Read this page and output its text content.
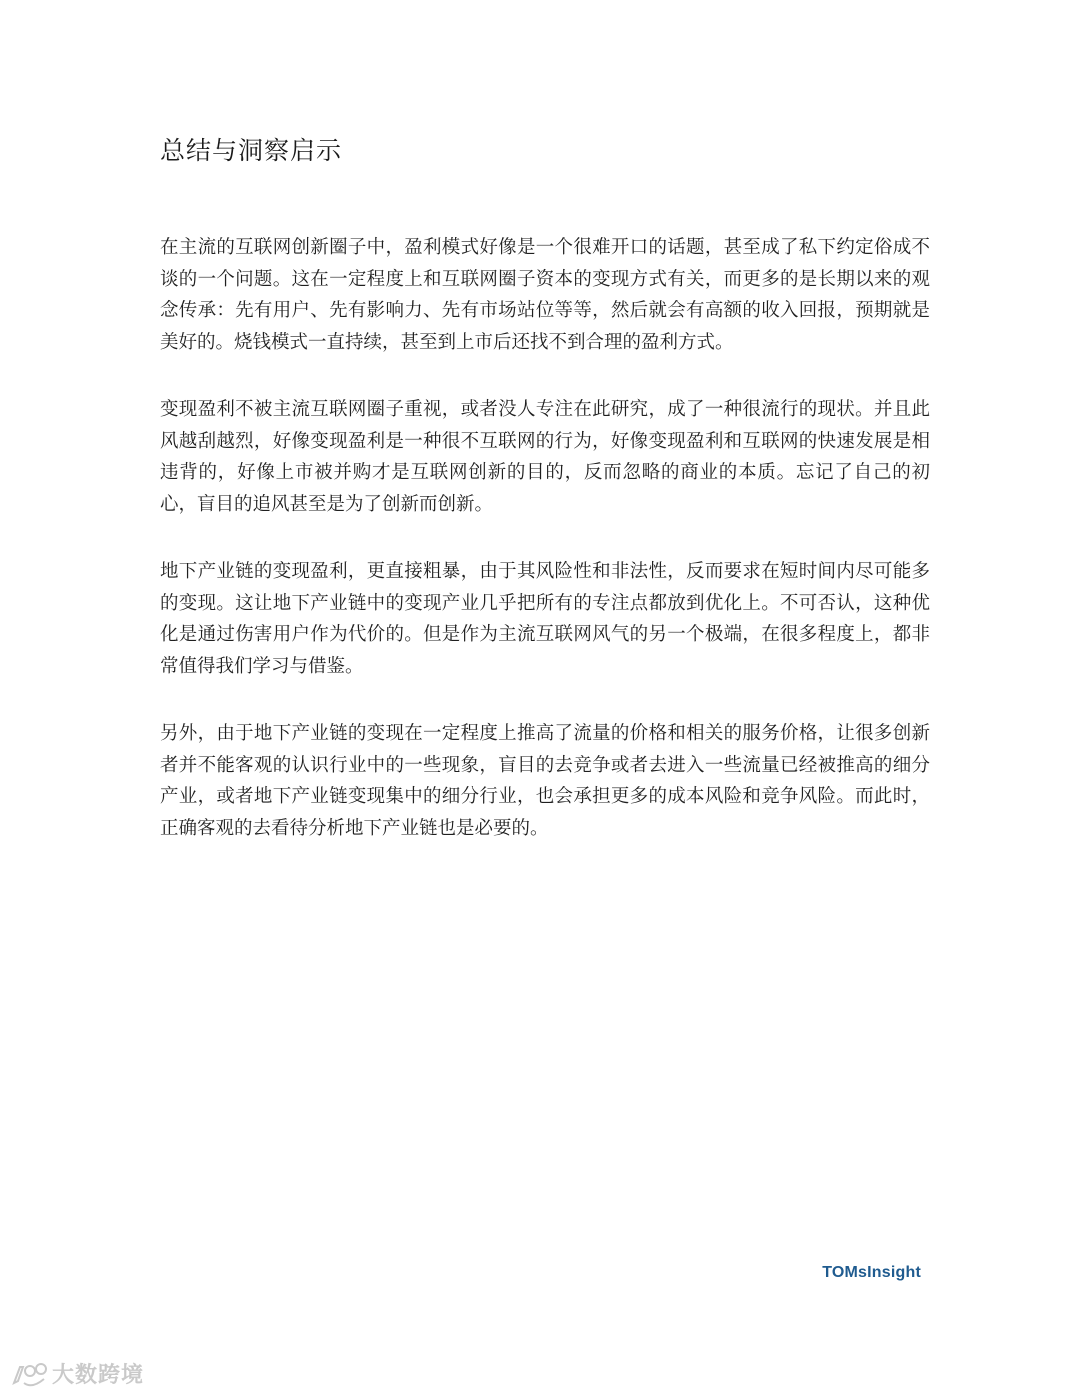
总结与洞察启示

在主流的互联网创新圈子中，盈利模式好像是一个很难开口的话题，甚至成了私下约定俗成不谈的一个问题。这在一定程度上和互联网圈子资本的变现方式有关，而更多的是长期以来的观念传承：先有用户、先有影响力、先有市场站位等等，然后就会有高额的收入回报，预期就是美好的。烧钱模式一直持续，甚至到上市后还找不到合理的盈利方式。

变现盈利不被主流互联网圈子重视，或者没人专注在此研究，成了一种很流行的现状。并且此风越刮越烈，好像变现盈利是一种很不互联网的行为，好像变现盈利和互联网的快速发展是相违背的，好像上市被并购才是互联网创新的目的，反而忽略的商业的本质。忘记了自己的初心，盲目的追风甚至是为了创新而创新。

地下产业链的变现盈利，更直接粗暴，由于其风险性和非法性，反而要求在短时间内尽可能多的变现。这让地下产业链中的变现产业几乎把所有的专注点都放到优化上。不可否认，这种优化是通过伤害用户作为代价的。但是作为主流互联网风气的另一个极端，在很多程度上，都非常值得我们学习与借鉴。

另外，由于地下产业链的变现在一定程度上推高了流量的价格和相关的服务价格，让很多创新者并不能客观的认识行业中的一些现象，盲目的去竞争或者去进入一些流量已经被推高的细分产业，或者地下产业链变现集中的细分行业，也会承担更多的成本风险和竞争风险。而此时，正确客观的去看待分析地下产业链也是必要的。

TOMsInsight
大数跨境
